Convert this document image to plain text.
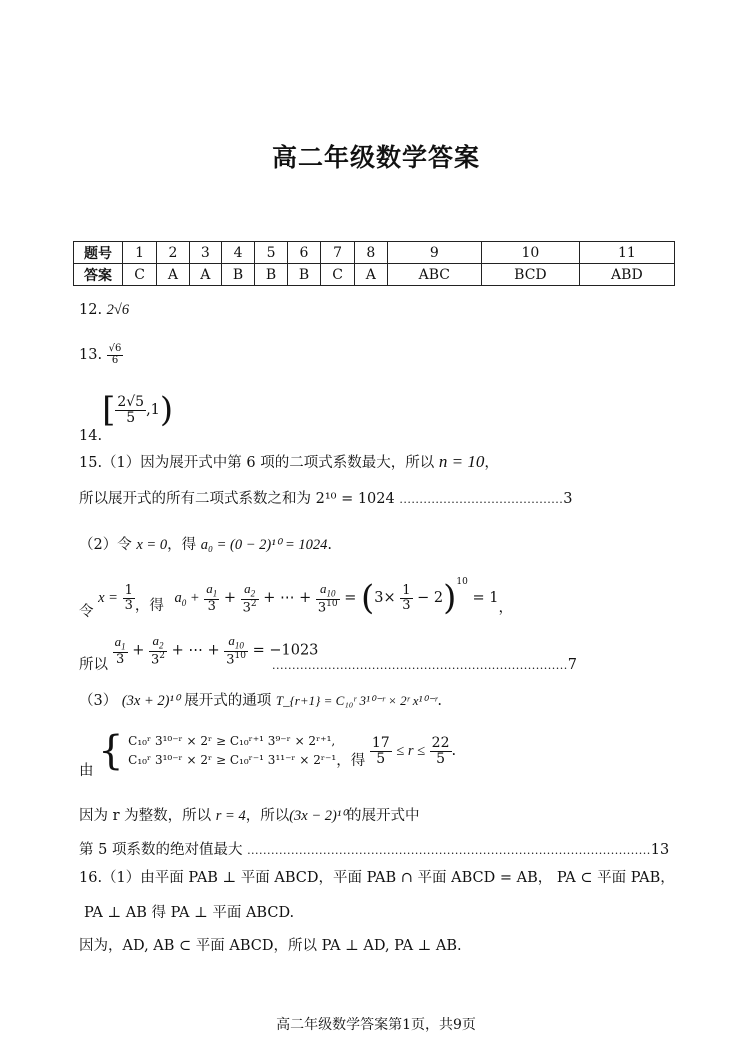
高二年级数学答案
题号	1	2	3	4	5	6	7	8	9	10	11
答案	C	A	A	B	B	B	C	A	ABC	BCD	ABD
12. 2√6
13. $\frac{√6}{6}$
$14.[ \frac{2√5}{5} ,1)$
15.（1）因为展开式中第 6 项的二项式系数最大，所以 n = 10，
所以展开式的所有二项式系数之和为 2¹⁰ = 1024 .........................................3
（2）令 x = 0，得 a₀ = (0 − 2)¹⁰ = 1024.
令 $x = \frac{1}{3}$ ，得 $a_0 + \frac{a_1}{3} + \frac{a_2}{3^2}$ + ⋯ + $\frac{a_{10}}{3^{10}} = (3\times \frac{1}{3} - 2)^{10} = 1$，
所以 $\frac{a_1}{3} + \frac{a_2}{3^2}$ + ⋯ + $\frac{a_{10}}{3^{10}} = -1023$
..........................................................................7
（3） (3x + 2)¹⁰ 展开式的通项 T_{r+1} = C₁₀ʳ 3¹⁰⁻ʳ × 2ʳ x¹⁰⁻ʳ.
由 { C₁₀ʳ 3¹⁰⁻ʳ × 2ʳ ≥ C₁₀ʳ⁺¹ 3⁹⁻ʳ × 2ʳ⁺¹,
C₁₀ʳ 3¹⁰⁻ʳ × 2ʳ ≥ C₁₀ʳ⁻¹ 3¹¹⁻ʳ × 2ʳ⁻¹ ，得 $\frac{17}{5} \le r \le \frac{22}{5}$ .
因为 r 为整数，所以 r = 4，所以(3x − 2)¹⁰的展开式中
第 5 项系数的绝对值最大 .....................................................................................................13
16.（1）由平面 PAB ⊥ 平面 ABCD，平面 PAB ∩ 平面 ABCD = AB， PA ⊂ 平面 PAB，
PA ⊥ AB 得 PA ⊥ 平面 ABCD.
因为，AD, AB ⊂ 平面 ABCD，所以 PA ⊥ AD, PA ⊥ AB.
高二年级数学答案第1页，共9页
